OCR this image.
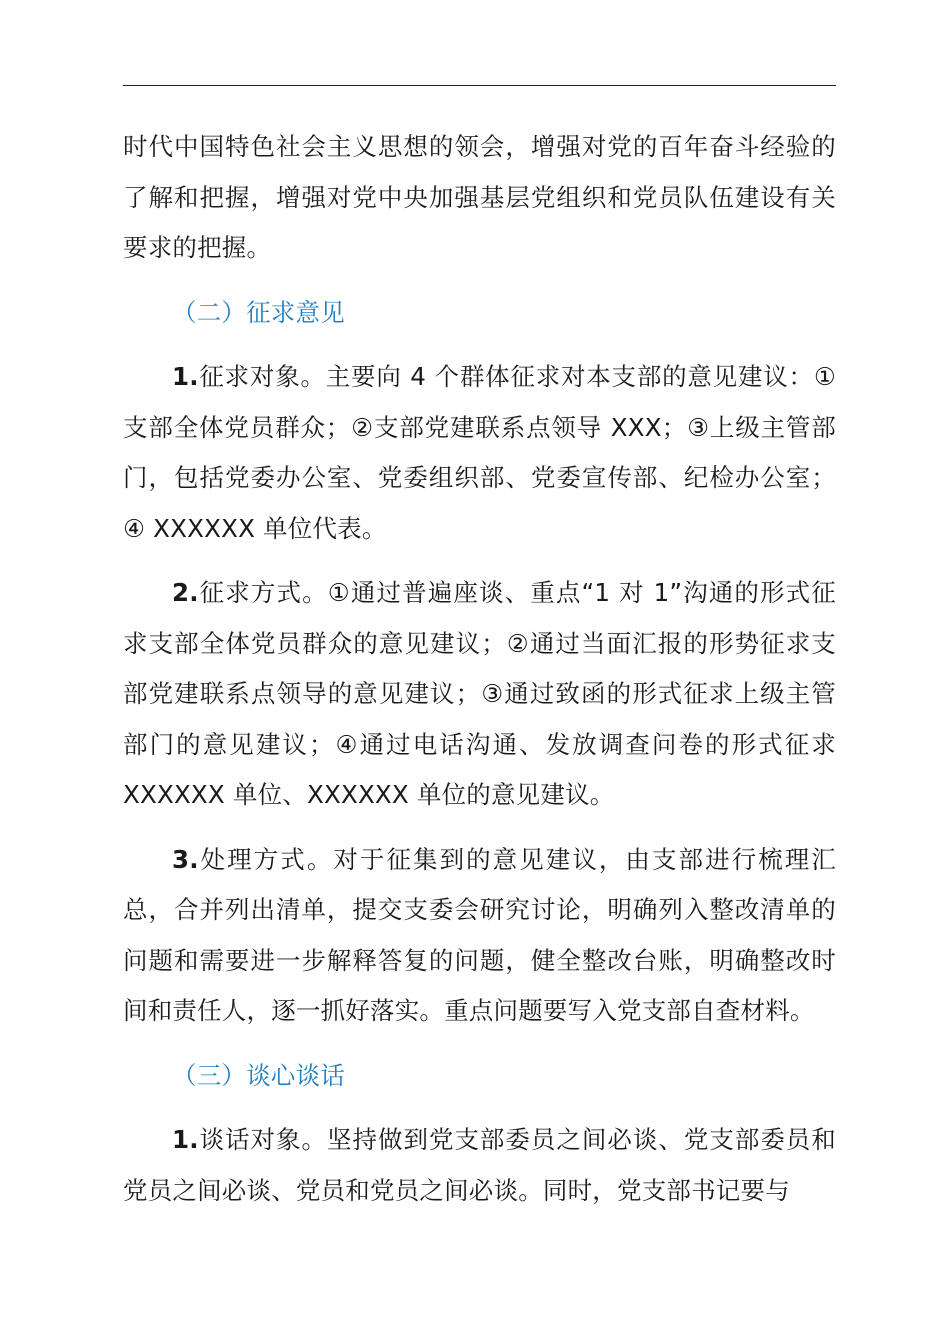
时代中国特色社会主义思想的领会，增强对党的百年奋斗经验的了解和把握，增强对党中央加强基层党组织和党员队伍建设有关要求的把握。

（二）征求意见

1.征求对象。主要向 4 个群体征求对本支部的意见建议：①支部全体党员群众；②支部党建联系点领导 XXX；③上级主管部门，包括党委办公室、党委组织部、党委宣传部、纪检办公室；④ XXXXXX 单位代表。

2.征求方式。①通过普遍座谈、重点“1 对 1”沟通的形式征求支部全体党员群众的意见建议；②通过当面汇报的形势征求支部党建联系点领导的意见建议；③通过致函的形式征求上级主管部门的意见建议；④通过电话沟通、发放调查问卷的形式征求 XXXXXX 单位、XXXXXX 单位的意见建议。

3.处理方式。对于征集到的意见建议，由支部进行梳理汇总，合并列出清单，提交支委会研究讨论，明确列入整改清单的问题和需要进一步解释答复的问题，健全整改台账，明确整改时间和责任人，逐一抓好落实。重点问题要写入党支部自查材料。

（三）谈心谈话

1.谈话对象。坚持做到党支部委员之间必谈、党支部委员和党员之间必谈、党员和党员之间必谈。同时，党支部书记要与
